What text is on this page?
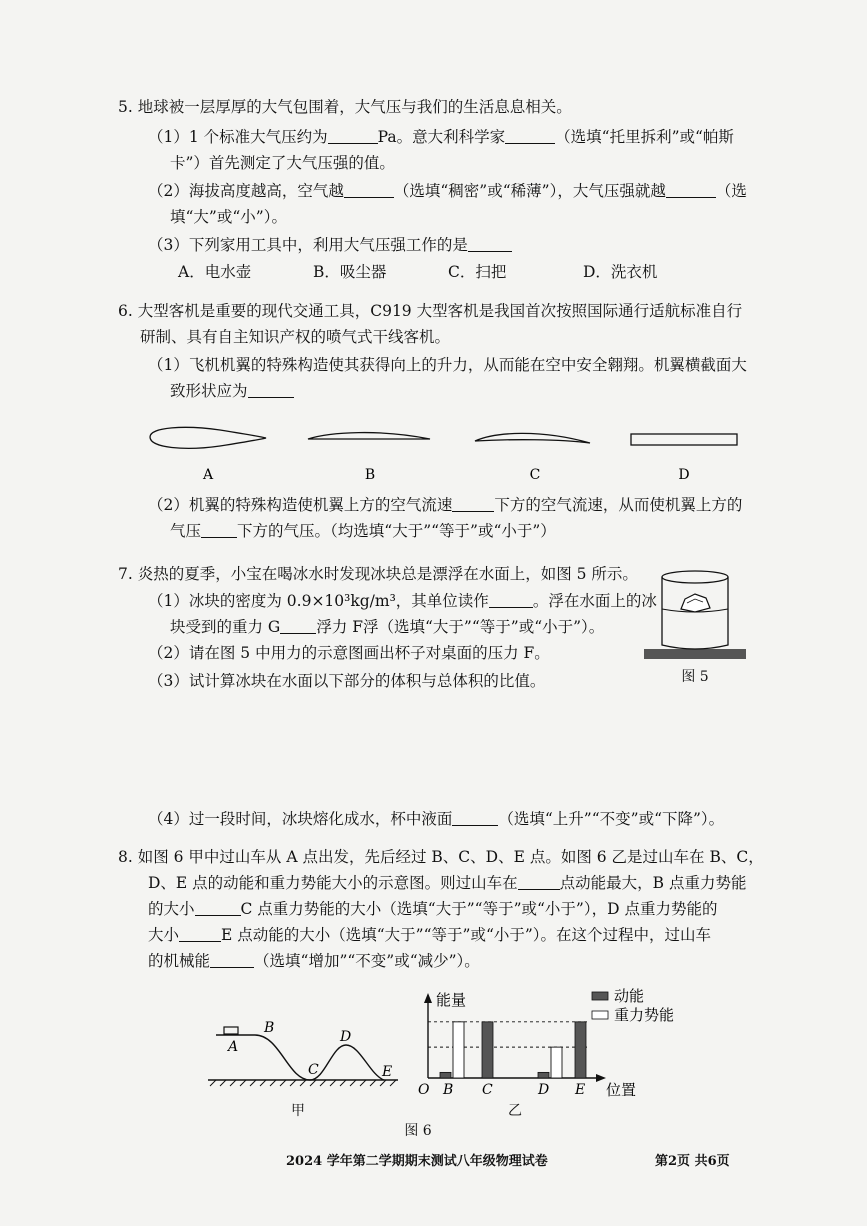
5. 地球被一层厚厚的大气包围着，大气压与我们的生活息息相关。
（1）1 个标准大气压约为	Pa。意大利科学家	（选填“托里拆利”或“帕斯
卡”）首先测定了大气压强的值。
（2）海拔高度越高，空气越	（选填“稠密”或“稀薄”），大气压强就越	（选
填“大”或“小”）。
（3）下列家用工具中，利用大气压强工作的是
A．电水壶	B．吸尘器	C．扫把	D．洗衣机
6. 大型客机是重要的现代交通工具，C919 大型客机是我国首次按照国际通行适航标准自行
研制、具有自主知识产权的喷气式干线客机。
（1）飞机机翼的特殊构造使其获得向上的升力，从而能在空中安全翱翔。机翼横截面大
致形状应为
A	B	C	D
（2）机翼的特殊构造使机翼上方的空气流速	下方的空气流速，从而使机翼上方的
气压 下方的气压。（均选填“大于”“等于”或“小于”）
7. 炎热的夏季，小宝在喝冰水时发现冰块总是漂浮在水面上，如图 5 所示。
（1）冰块的密度为 0.9×10³kg/m³，其单位读作	。浮在水面上的冰
块受到的重力 G 浮力 F浮（选填“大于”“等于”或“小于”）。
（2）请在图 5 中用力的示意图画出杯子对桌面的压力 F。
（3）试计算冰块在水面以下部分的体积与总体积的比值。	图 5
（4）过一段时间，冰块熔化成水，杯中液面	（选填“上升”“不变”或“下降”）。
8. 如图 6 甲中过山车从 A 点出发，先后经过 B、C、D、E 点。如图 6 乙是过山车在 B、C，
D、E 点的动能和重力势能大小的示意图。则过山车在	点动能最大，B 点重力势能
的大小	C 点重力势能的大小（选填“大于”“等于”或“小于”），D 点重力势能的
大小	E 点动能的大小（选填“大于”“等于”或“小于”）。在这个过程中，过山车
的机械能	（选填“增加”“不变”或“减少”）。
A
B
C
D
E
甲
能量
O	位置
动能
重力势能
B C	D E
乙
图 6
2024 学年第二学期期末测试八年级物理试卷	第2页 共6页
